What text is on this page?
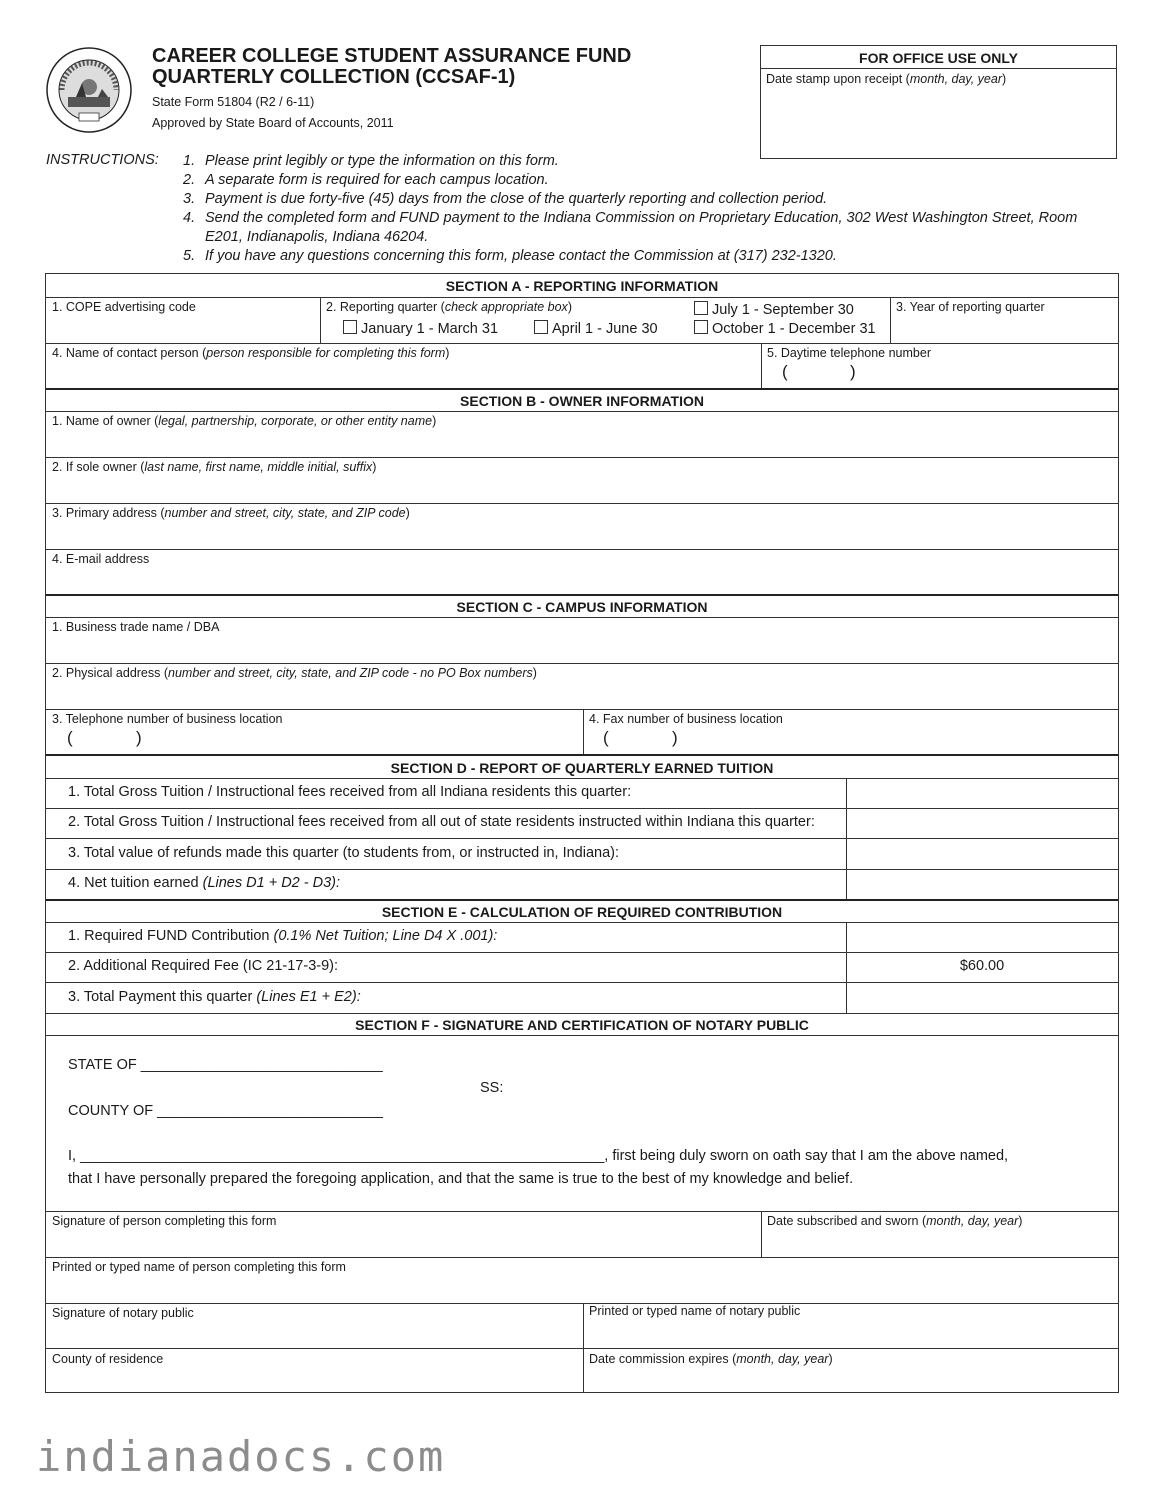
CAREER COLLEGE STUDENT ASSURANCE FUND
QUARTERLY COLLECTION (CCSAF-1)
State Form 51804 (R2 / 6-11)
Approved by State Board of Accounts, 2011
FOR OFFICE USE ONLY
Date stamp upon receipt (month, day, year)
INSTRUCTIONS: 1. Please print legibly or type the information on this form.
2. A separate form is required for each campus location.
3. Payment is due forty-five (45) days from the close of the quarterly reporting and collection period.
4. Send the completed form and FUND payment to the Indiana Commission on Proprietary Education, 302 West Washington Street, Room E201, Indianapolis, Indiana 46204.
5. If you have any questions concerning this form, please contact the Commission at (317) 232-1320.
SECTION A - REPORTING INFORMATION
1. COPE advertising code	2. Reporting quarter (check appropriate box)
January 1 - March 31	April 1 - June 30
July 1 - September 30
October 1 - December 31
3. Year of reporting quarter
4. Name of contact person (person responsible for completing this form)	5. Daytime telephone number
(	)
SECTION B - OWNER INFORMATION
1. Name of owner (legal, partnership, corporate, or other entity name)
2. If sole owner (last name, first name, middle initial, suffix)
3. Primary address (number and street, city, state, and ZIP code)
4. E-mail address
SECTION C - CAMPUS INFORMATION
1. Business trade name / DBA
2. Physical address (number and street, city, state, and ZIP code - no PO Box numbers)
3. Telephone number of business location
(	)
4. Fax number of business location
(	)
SECTION D - REPORT OF QUARTERLY EARNED TUITION
1. Total Gross Tuition / Instructional fees received from all Indiana residents this quarter:
2. Total Gross Tuition / Instructional fees received from all out of state residents instructed within Indiana this quarter:
3. Total value of refunds made this quarter (to students from, or instructed in, Indiana):
4. Net tuition earned (Lines D1 + D2 - D3):
SECTION E - CALCULATION OF REQUIRED CONTRIBUTION
1. Required FUND Contribution (0.1% Net Tuition; Line D4 X .001):
2. Additional Required Fee (IC 21-17-3-9):	$60.00
3. Total Payment this quarter (Lines E1 + E2):
SECTION F - SIGNATURE AND CERTIFICATION OF NOTARY PUBLIC
STATE OF ______________________________
SS:
COUNTY OF ____________________________
I, _________________________________________________________________, first being duly sworn on oath say that I am the above named,
that I have personally prepared the foregoing application, and that the same is true to the best of my knowledge and belief.
Signature of person completing this form	Date subscribed and sworn (month, day, year)
Printed or typed name of person completing this form
Signature of notary public	Printed or typed name of notary public
County of residence	Date commission expires (month, day, year)
indianadocs.com
